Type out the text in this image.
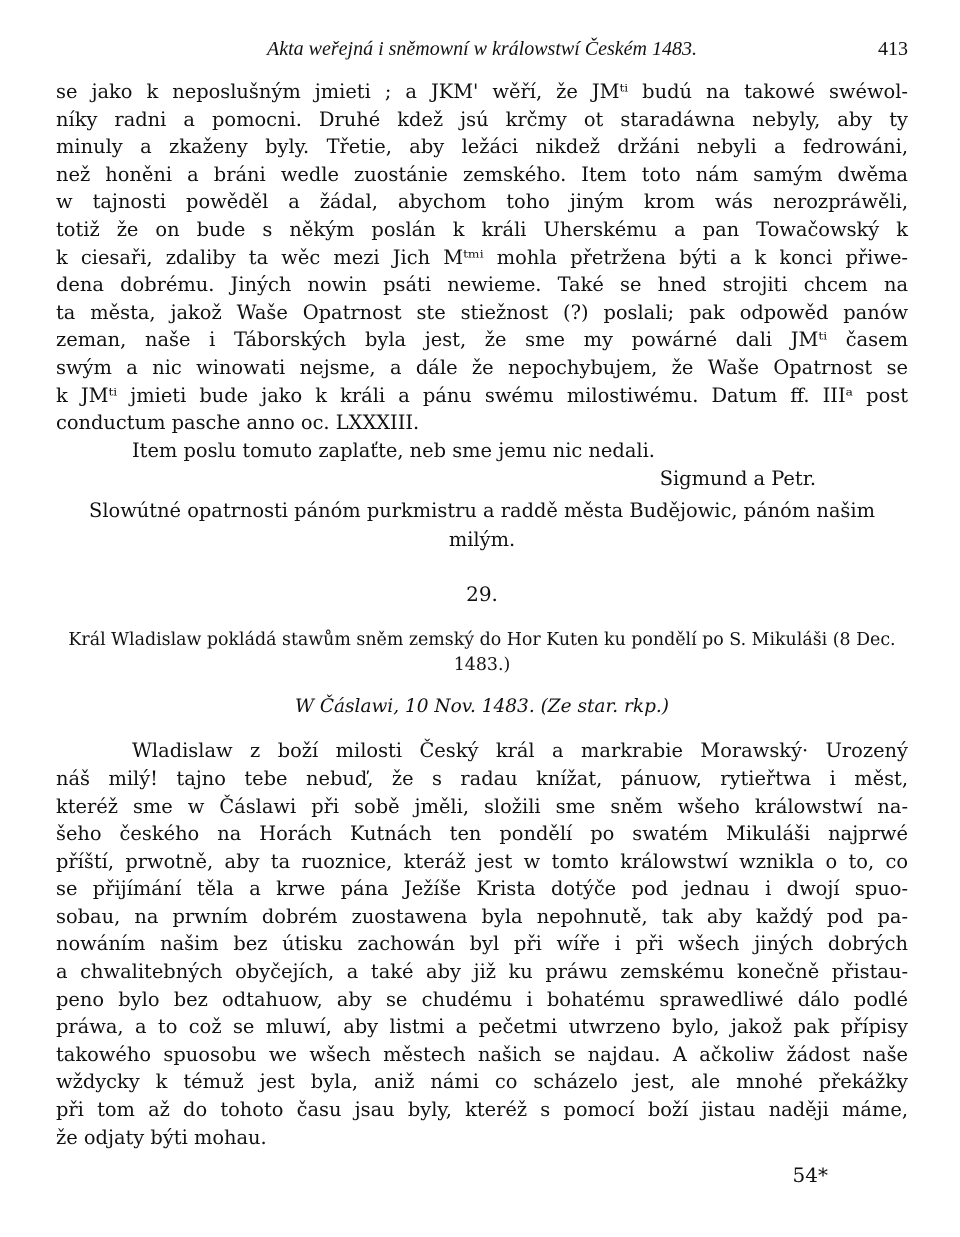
Akta weřejná i sněmowní w králowstwí Českém 1483.	413

se jako k neposlušným jmieti ; a JKM' wěří, že JMᵗⁱ budú na takowé swéwol-
níky radni a pomocni. Druhé kdež jsú krčmy ot staradáwna nebyly, aby ty
minuly a zkaženy byly. Třetie, aby ležáci nikdež držáni nebyli a fedrowáni,
než honěni a bráni wedle zuostánie zemského. Item toto nám samým dwěma
w tajnosti powěděl a žádal, abychom toho jiným krom wás nerozpráwěli,
totiž že on bude s někým poslán k králi Uherskému a pan Towačowský k
k ciesaři, zdaliby ta wěc mezi Jich Mᵗᵐⁱ mohla přetržena býti a k konci přiwe-
dena dobrému. Jiných nowin psáti newieme. Také se hned strojiti chcem na
ta města, jakož Waše Opatrnost ste stiežnost (?) poslali; pak odpowěd panów
zeman, naše i Táborských byla jest, že sme my powárné dali JMᵗⁱ časem
swým a nic winowati nejsme, a dále že nepochybujem, že Waše Opatrnost se
k JMᵗⁱ jmieti bude jako k králi a pánu swému milostiwému. Datum ff. IIIᵃ post
conductum pasche anno oc. LXXXIII.
Item poslu tomuto zaplaťte, neb sme jemu nic nedali.

Sigmund a Petr.

Slowútné opatrnosti pánóm purkmistru a raddě města Budějowic, pánóm našim milým.

29.

Král Wladislaw pokládá stawům sněm zemský do Hor Kuten ku pondělí po S. Mikuláši (8 Dec. 1483.)

W Čáslawi, 10 Nov. 1483. (Ze star. rkp.)

Wladislaw z boží milosti Český král a markrabie Morawský· Urozený
náš milý! tajno tebe nebuď, že s radau knížat, pánuow, rytieřtwa i měst,
kteréž sme w Čáslawi při sobě jměli, složili sme sněm wšeho králowstwí na-
šeho českého na Horách Kutnách ten pondělí po swatém Mikuláši najprwé
příští, prwotně, aby ta ruoznice, kteráž jest w tomto králowstwí wznikla o to, co
se přijímání těla a krwe pána Ježíše Krista dotýče pod jednau i dwojí spuo-
sobau, na prwním dobrém zuostawena byla nepohnutě, tak aby každý pod pa-
nowáním našim bez útisku zachowán byl při wíře i při wšech jiných dobrých
a chwalitebných obyčejích, a také aby již ku práwu zemskému konečně přistau-
peno bylo bez odtahuow, aby se chudému i bohatému sprawedliwé dálo podlé
práwa, a to což se mluwí, aby listmi a pečetmi utwrzeno bylo, jakož pak přípisy
takowého spuosobu we wšech městech našich se najdau. A ačkoliw žádost naše
wždycky k témuž jest byla, aniž námi co scházelo jest, ale mnohé překážky
při tom až do tohoto času jsau byly, kteréž s pomocí boží jistau naději máme,
že odjaty býti mohau.

54*
